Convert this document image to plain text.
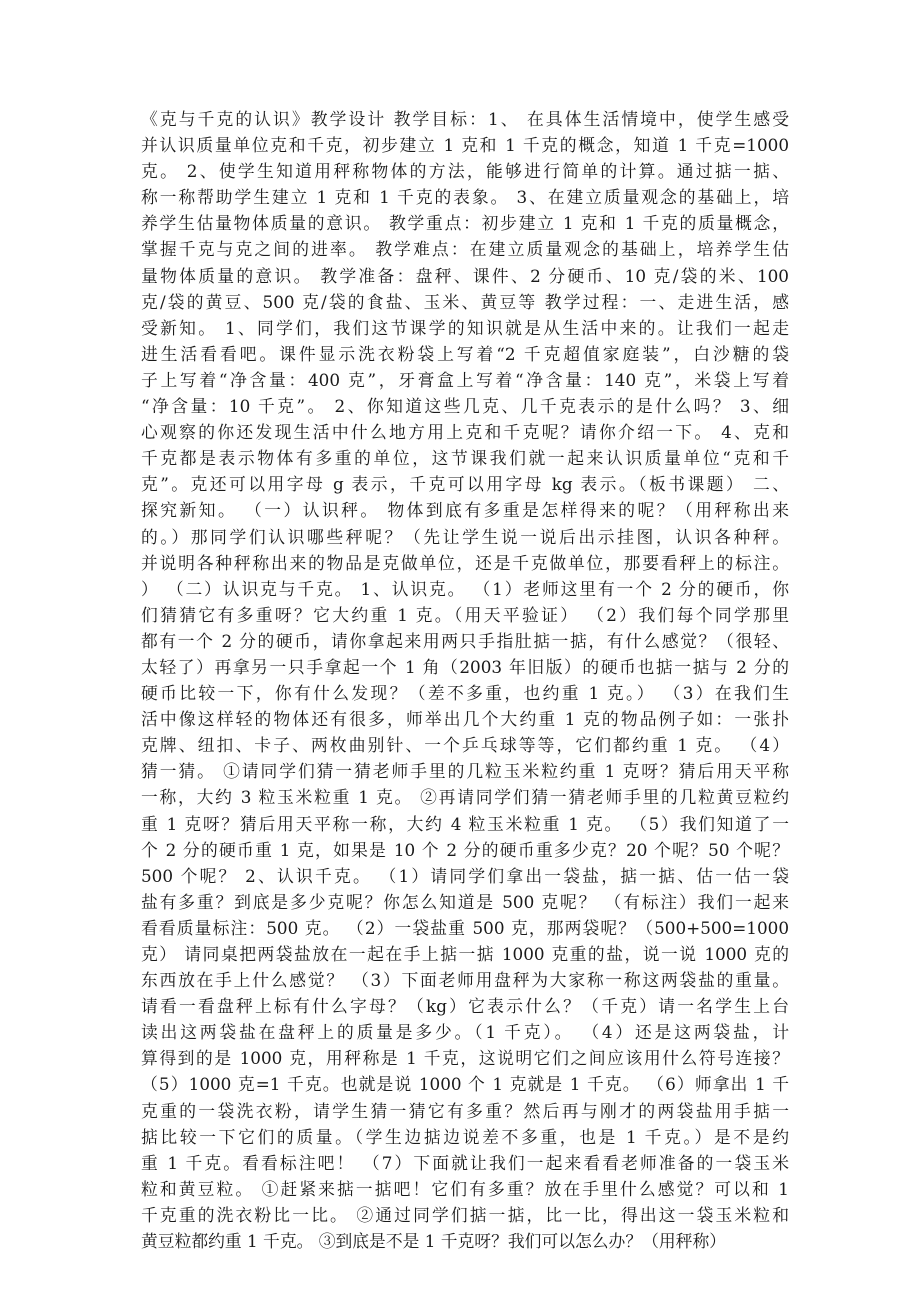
《克与千克的认识》教学设计 教学目标：1、 在具体生活情境中，使学生感受
并认识质量单位克和千克，初步建立 1 克和 1 千克的概念，知道 1 千克=1000
克。 2、使学生知道用秤称物体的方法，能够进行简单的计算。通过掂一掂、
称一称帮助学生建立 1 克和 1 千克的表象。 3、在建立质量观念的基础上，培
养学生估量物体质量的意识。 教学重点：初步建立 1 克和 1 千克的质量概念，
掌握千克与克之间的进率。 教学难点：在建立质量观念的基础上，培养学生估
量物体质量的意识。 教学准备：盘秤、课件、2 分硬币、10 克/袋的米、100
克/袋的黄豆、500 克/袋的食盐、玉米、黄豆等 教学过程：一、走进生活，感
受新知。 1、同学们，我们这节课学的知识就是从生活中来的。让我们一起走
进生活看看吧。课件显示洗衣粉袋上写着“2 千克超值家庭装”，白沙糖的袋
子上写着“净含量：400 克”，牙膏盒上写着“净含量：140 克”，米袋上写着
“净含量：10 千克”。 2、你知道这些几克、几千克表示的是什么吗？ 3、细
心观察的你还发现生活中什么地方用上克和千克呢？请你介绍一下。 4、克和
千克都是表示物体有多重的单位，这节课我们就一起来认识质量单位“克和千
克”。克还可以用字母 g 表示，千克可以用字母 kg 表示。（板书课题） 二、
探究新知。 （一）认识秤。 物体到底有多重是怎样得来的呢？（用秤称出来
的。）那同学们认识哪些秤呢？（先让学生说一说后出示挂图，认识各种秤。
并说明各种秤称出来的物品是克做单位，还是千克做单位，那要看秤上的标注。
） （二）认识克与千克。 1、认识克。 （1）老师这里有一个 2 分的硬币，你
们猜猜它有多重呀？它大约重 1 克。（用天平验证） （2）我们每个同学那里
都有一个 2 分的硬币，请你拿起来用两只手指肚掂一掂，有什么感觉？（很轻、
太轻了）再拿另一只手拿起一个 1 角（2003 年旧版）的硬币也掂一掂与 2 分的
硬币比较一下，你有什么发现？（差不多重，也约重 1 克。） （3）在我们生
活中像这样轻的物体还有很多，师举出几个大约重 1 克的物品例子如：一张扑
克牌、纽扣、卡子、两枚曲别针、一个乒乓球等等，它们都约重 1 克。 （4）
猜一猜。 ①请同学们猜一猜老师手里的几粒玉米粒约重 1 克呀？猜后用天平称
一称，大约 3 粒玉米粒重 1 克。 ②再请同学们猜一猜老师手里的几粒黄豆粒约
重 1 克呀？猜后用天平称一称，大约 4 粒玉米粒重 1 克。 （5）我们知道了一
个 2 分的硬币重 1 克，如果是 10 个 2 分的硬币重多少克？20 个呢？50 个呢？
500 个呢？ 2、认识千克。 （1）请同学们拿出一袋盐，掂一掂、估一估一袋
盐有多重？到底是多少克呢？你怎么知道是 500 克呢？ （有标注）我们一起来
看看质量标注：500 克。 （2）一袋盐重 500 克，那两袋呢？（500+500=1000
克） 请同桌把两袋盐放在一起在手上掂一掂 1000 克重的盐，说一说 1000 克的
东西放在手上什么感觉？ （3）下面老师用盘秤为大家称一称这两袋盐的重量。
请看一看盘秤上标有什么字母？（kg）它表示什么？（千克）请一名学生上台
读出这两袋盐在盘秤上的质量是多少。（1 千克）。 （4）还是这两袋盐，计
算得到的是 1000 克，用秤称是 1 千克，这说明它们之间应该用什么符号连接？
（5）1000 克=1 千克。也就是说 1000 个 1 克就是 1 千克。 （6）师拿出 1 千
克重的一袋洗衣粉，请学生猜一猜它有多重？然后再与刚才的两袋盐用手掂一
掂比较一下它们的质量。（学生边掂边说差不多重，也是 1 千克。）是不是约
重 1 千克。看看标注吧！ （7）下面就让我们一起来看看老师准备的一袋玉米
粒和黄豆粒。 ①赶紧来掂一掂吧！它们有多重？放在手里什么感觉？可以和 1
千克重的洗衣粉比一比。 ②通过同学们掂一掂，比一比，得出这一袋玉米粒和
黄豆粒都约重 1 千克。 ③到底是不是 1 千克呀？我们可以怎么办？（用秤称）
